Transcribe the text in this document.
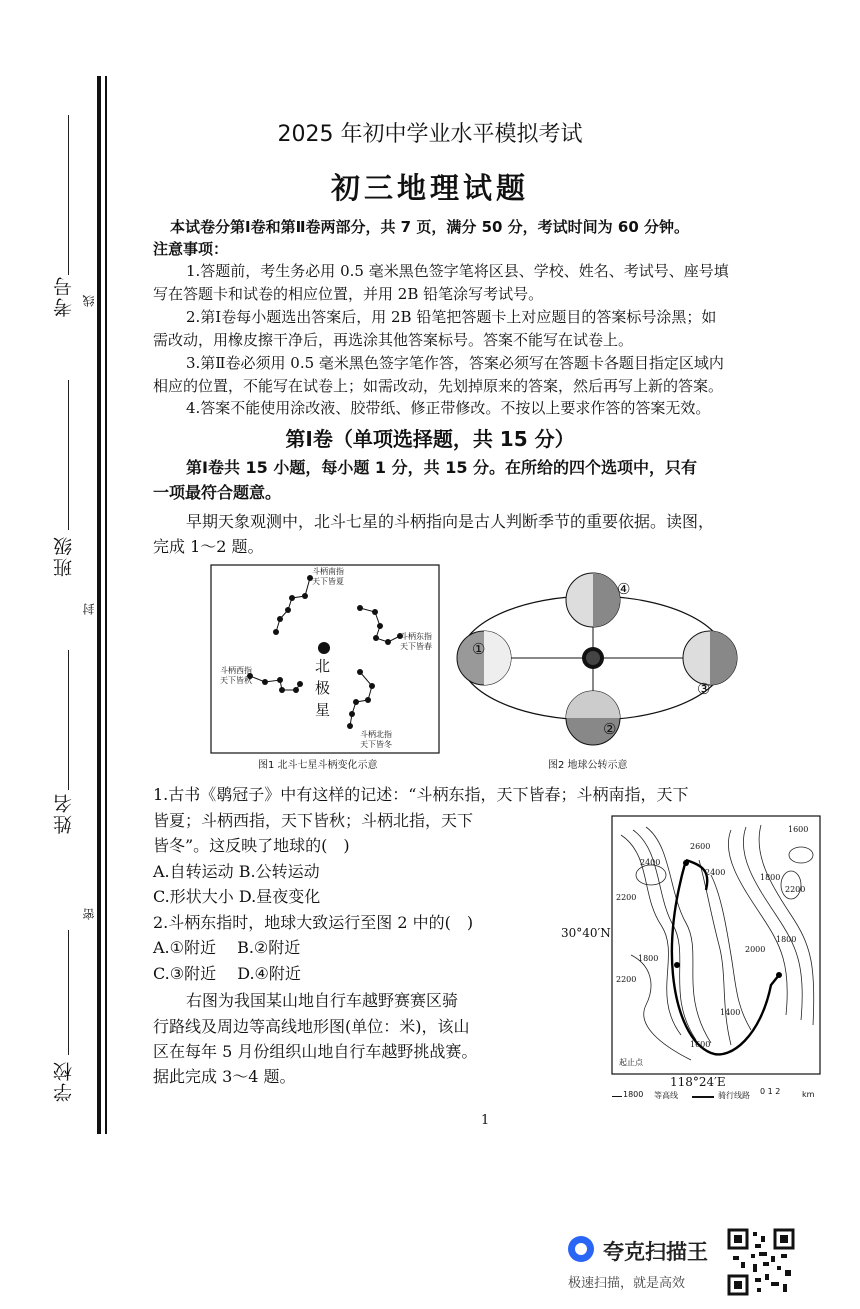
考号 线
班级
封
姓名
密
学校
2025 年初中学业水平模拟考试
初三地理试题
本试卷分第Ⅰ卷和第Ⅱ卷两部分，共 7 页，满分 50 分，考试时间为 60 分钟。
注意事项：
1.答题前，考生务必用 0.5 毫米黑色签字笔将区县、学校、姓名、考试号、座号填
写在答题卡和试卷的相应位置，并用 2B 铅笔涂写考试号。
2.第Ⅰ卷每小题选出答案后，用 2B 铅笔把答题卡上对应题目的答案标号涂黑；如
需改动，用橡皮擦干净后，再选涂其他答案标号。答案不能写在试卷上。
3.第Ⅱ卷必须用 0.5 毫米黑色签字笔作答，答案必须写在答题卡各题目指定区域内
相应的位置，不能写在试卷上；如需改动，先划掉原来的答案，然后再写上新的答案。
4.答案不能使用涂改液、胶带纸、修正带修改。不按以上要求作答的答案无效。
第Ⅰ卷（单项选择题，共 15 分）
第Ⅰ卷共 15 小题，每小题 1 分，共 15 分。在所给的四个选项中，只有
一项最符合题意。
早期天象观测中，北斗七星的斗柄指向是古人判断季节的重要依据。读图，
完成 1～2 题。
斗柄南指 天下皆夏
斗柄东指 天下皆春
斗柄西指 天下皆秋
斗柄北指 天下皆冬
北极星
图1 北斗七星斗柄变化示意
④
①
③
②
图2 地球公转示意
1.古书《鹖冠子》中有这样的记述：“斗柄东指，天下皆春；斗柄南指，天下
皆夏；斗柄西指，天下皆秋；斗柄北指，天下
皆冬”。这反映了地球的(　)
A.自转运动 B.公转运动
C.形状大小 D.昼夜变化
2.斗柄东指时，地球大致运行至图 2 中的(　)
A.①附近　 B.②附近
C.③附近　 D.④附近
右图为我国某山地自行车越野赛赛区骑
行路线及周边等高线地形图(单位：米)，该山
区在每年 5 月份组织山地自行车越野挑战赛。
据此完成 3～4 题。
起止点
1600
2600
2400
2400
2200
1800
2200
2000
1800
1600
1400
1800
2200
30°40′N
118°24′E
1800 等高线	骑行线路 0 1 2	km
1
夸克扫描王
极速扫描，就是高效
